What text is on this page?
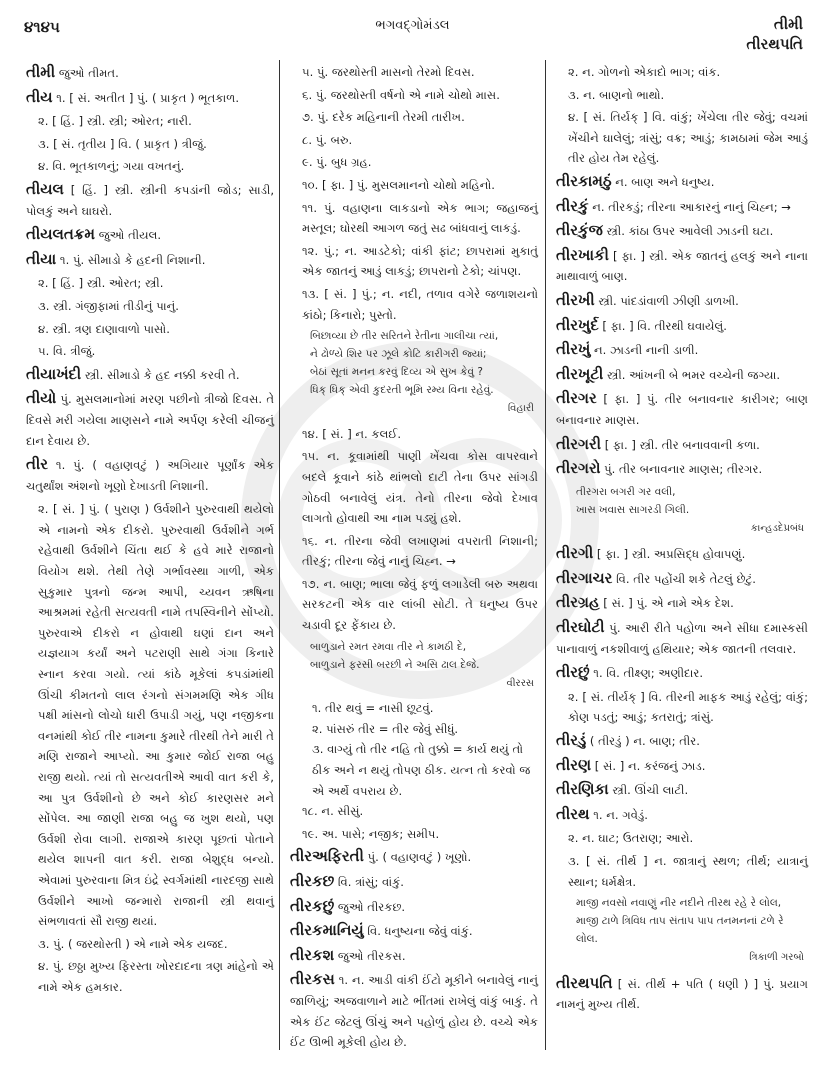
૪૧૪૫	ભગવદ્ગોમંડલ	તીમી
તીરથપતિ
તીમી જુઓ તીમત.
તીય ૧. [ સં. અતીત ] પું. ( પ્રાકૃત ) ભૂતકાળ.
૨. [ હિં. ] સ્ત્રી. સ્ત્રી; ઓરત; નારી.
૩. [ સં. તૃતીય ] વિ. ( પ્રાકૃત ) ત્રીજું.
૪. વિ. ભૂતકાળનું; ગયા વખતનું.
તીયલ [ હિં. ] સ્ત્રી. સ્ત્રીની કપડાંની જોડ; સાડી, પોલકું અને ઘાઘરો.
તીયલતક્રમ જુઓ તીયલ.
તીયા ૧. પું. સીમાડો કે હદની નિશાની.
૨. [ હિં. ] સ્ત્રી. ઓરત; સ્ત્રી.
૩. સ્ત્રી. ગંજીફામાં તીડીનું પાનું.
૪. સ્ત્રી. ત્રણ દાણાવાળો પાસો.
૫. વિ. ત્રીજું.
તીયાખંદી સ્ત્રી. સીમાડો કે હદ નક્કી કરવી તે.
તીયો પું. મુસલમાનોમાં મરણ પછીનો ત્રીજો દિવસ. તે દિવસે મરી ગયેલા માણસને નામે અર્પણ કરેલી ચીજનું દાન દેવાય છે.
તીર ૧. પું. ( વહાણવટું ) અગિયાર પૂર્ણાંક એક ચતુર્થાંશ અંશનો ખૂણો દેખાડતી નિશાની.
૨. [ સં. ] પું. ( પુરાણ ) ઉર્વશીને પુરુરવાથી થયેલો એ નામનો એક દીકરો. પુરુરવાથી ઉર્વશીને ગર્ભ રહેવાથી ઉર્વશીને ચિંતા થઈ કે હવે મારે રાજાનો વિયોગ થશે. તેથી તેણે ગર્ભાવસ્થા ગાળી, એક સુકુમાર પુત્રનો જન્મ આપી, ચ્યવન ઋષિના આશ્રમમાં રહેતી સત્યવતી નામે તપસ્વિનીને સોંપ્યો. પુરુરવાએ દીકરો ન હોવાથી ઘણાં દાન અને યજ્ઞયાગ કર્યાં અને પટરાણી સાથે ગંગા કિનારે સ્નાન કરવા ગયો. ત્યાં કાંઠે મૂકેલાં કપડાંમાંથી ઊંચી કીમતનો લાલ રંગનો સંગમમણિ એક ગીધ પક્ષી માંસનો લોચો ધારી ઉપાડી ગયું, પણ નજીકના વનમાંથી કોઈ તીર નામના કુમારે તીરથી તેને મારી તે મણિ રાજાને આપ્યો. આ કુમાર જોઈ રાજા બહુ રાજી થયો. ત્યાં તો સત્યવતીએ આવી વાત કરી કે, આ પુત્ર ઉર્વશીનો છે અને કોઈ કારણસર મને સોંપેલ. આ જાણી રાજા બહુ જ ખુશ થયો, પણ ઉર્વશી રોવા લાગી. રાજાએ કારણ પૂછતાં પોતાને થયેલ શાપની વાત કરી. રાજા બેશુદ્ધ બન્યો. એવામાં પુરુરવાના મિત્ર ઇંદ્રે સ્વર્ગમાંથી નારદજી સાથે ઉર્વશીને આખો જન્મારો રાજાની સ્ત્રી થવાનું સંભળાવતાં સૌ રાજી થયાં.
૩. પું. ( જરથોસ્તી ) એ નામે એક યજદ.
૪. પું. છઠ્ઠા મુખ્ય ફિરસ્તા ખોરદાદના ત્રણ માંહેનો એ નામે એક હમકાર.
૫. પું. જરથોસ્તી માસનો તેરમો દિવસ.
૬. પું. જરથોસ્તી વર્ષનો એ નામે ચોથો માસ.
૭. પું. દરેક મહિનાની તેરમી તારીખ.
૮. પું. બરુ.
૯. પું. બુધ ગ્રહ.
૧૦. [ ફા. ] પું. મુસલમાનનો ચોથો મહિનો.
૧૧. પું. વહાણના લાકડાનો એક ભાગ; જહાજનું મસ્તૂલ; ઘોરથી આગળ જતું સઢ બાંધવાનું લાકડું.
૧૨. પું.; ન. આડટેકો; વાંકી ફાંટ; છાપરામાં મુકાતું એક જાતનું આડું લાકડું; છાપરાનો ટેકો; ચાંપણ.
૧૩. [ સં. ] પું.; ન. નદી, તળાવ વગેરે જળાશયનો કાંઠો; કિનારો; પુસ્તો.
બિછાવ્યા છે તીર સરિતને રેતીના ગાલીચા ત્યાં,
ને ઢોળ્યે શિર પર ઝૂલે કોટિ કારીગરી જ્યાં;
બેઠાં સૂતાં મનન કરવું દિવ્ય એ સુખ કેવું ?
ધિક્ ધિક્ એવી કુદરતી ભૂમિ રમ્ય વિના રહેવું.
વિહારી
૧૪. [ સં. ] ન. કલઈ.
૧૫. ન. કૂવામાંથી પાણી ખેંચવા કોસ વાપરવાને બદલે કૂવાને કાંઠે થાંભલો દાટી તેના ઉપર સાંગડી ગોઠવી બનાવેલું યંત્ર. તેનો તીરના જેવો દેખાવ લાગતો હોવાથી આ નામ પડ્યું હશે.
૧૬. ન. તીરના જેવી લખાણમાં વપરાતી નિશાની; તીરકું; તીરના જેવું નાનું ચિહ્ન. →
૧૭. ન. બાણ; ભાલા જેવું ફળું લગાડેલી બરુ અથવા સરકટની એક વાર લાંબી સોટી. તે ધનુષ્ય ઉપર ચડાવી દૂર ફેંકાય છે.
બાળુડાને રમત રમવા તીર ને કામઠી દે,
બાળુડાને ફરસી બરછી ને અસિ ઢાલ દેજે.
વીરરસ
૧. તીર થવું = નાસી છૂટવું.
૨. પાંસરું તીર = તીર જેવું સીધું.
૩. વાગ્યું તો તીર નહિ તો તુક્કો = કાર્ય થયું તો ઠીક અને ન થયું તોપણ ઠીક. યત્ન તો કરવો જ એ અર્થે વપરાય છે.
૧૮. ન. સીસું.
૧૯. અ. પાસે; નજીક; સમીપ.
તીરઅફિરતી પું. ( વહાણવટું ) ખૂણો.
તીરકછ વિ. ત્રાંસું; વાંકું.
તીરકછું જુઓ તીરકછ.
તીરકમાનિયું વિ. ધનુષ્યના જેવું વાંકું.
તીરકશ જુઓ તીરકસ.
તીરકસ ૧. ન. આડી વાંકી ઈંટો મૂકીને બનાવેલું નાનું જાળિયું; અજવાળાને માટે ભીંતમાં રાખેલું વાંકું બાકું. તે એક ઈંટ જેટલું ઊંચું અને પહોળું હોય છે. વચ્ચે એક ઈંટ ઊભી મૂકેલી હોય છે.
૨. ન. ગોળનો એકાદો ભાગ; વાંક.
૩. ન. બાણનો ભાથો.
૪. [ સં. તિર્યક્ ] વિ. વાંકું; ખેંચેલા તીર જેવું; વચમાં ખેંચીને ઘાલેલું; ત્રાંસું; વક્ર; આડું; કામઠામાં જેમ આડું તીર હોય તેમ રહેલું.
તીરકામઠું ન. બાણ અને ધનુષ્ય.
તીરકું ન. તીરકડું; તીરના આકારનું નાનું ચિહ્ન; →
તીરકુંજ સ્ત્રી. કાંઠા ઉપર આવેલી ઝાડની ઘટા.
તીરખાકી [ ફા. ] સ્ત્રી. એક જાતનું હલકું અને નાના માથાવાળું બાણ.
તીરખી સ્ત્રી. પાંદડાંવાળી ઝીણી ડાળખી.
તીરખુર્દ [ ફા. ] વિ. તીરથી ઘવાયેલું.
તીરખું ન. ઝાડની નાની ડાળી.
તીરખૂટી સ્ત્રી. આંખની બે ભમર વચ્ચેની જગ્યા.
તીરગર [ ફા. ] પું. તીર બનાવનાર કારીગર; બાણ બનાવનાર માણસ.
તીરગરી [ ફા. ] સ્ત્રી. તીર બનાવવાની કળા.
તીરગરો પું. તીર બનાવનાર માણસ; તીરગર.
તીરગરા બગરી ગર વલી,
ખાસ ખવાસ સાગરડી ગિલી.
કાન્હડદેપ્રબંધ
તીરગી [ ફા. ] સ્ત્રી. અપ્રસિદ્ધ હોવાપણું.
તીરગાચર વિ. તીર પહોંચી શકે તેટલું છેટું.
તીરગ્રહ [ સં. ] પું. એ નામે એક દેશ.
તીરઘોટી પું. આરી રીતે પહોળા અને સીધા દમાસ્કસી પાનાવાળું નકશીવાળું હથિયાર; એક જાતની તલવાર.
તીરછું ૧. વિ. તીક્ષ્ણ; અણીદાર.
૨. [ સં. તીર્યક્ ] વિ. તીરની માફક આડું રહેલું; વાંકું; કોણ પડતું; આડું; કતરાતું; ત્રાંસું.
તીરડું ( તીરડું ) ન. બાણ; તીર.
તીરણ [ સં. ] ન. કરંજનું ઝાડ.
તીરણિકા સ્ત્રી. ઊંચી લાટી.
તીરથ ૧. ન. ગવેડું.
૨. ન. ઘાટ; ઉતરાણ; આરો.
૩. [ સં. તીર્થ ] ન. જાત્રાનું સ્થળ; તીર્થ; યાત્રાનું સ્થાન; ધર્મક્ષેત્ર.
માજી નવસો નવાણું નીર નદીને તીરથ રહે રે લોલ,
માજી ટાળે ત્રિવિધ તાપ સંતાપ પાપ તનમનનાં ટળે રે લોલ.
ત્રિકાળી ગરબો
તીરથપતિ [ સં. તીર્થ + પતિ ( ધણી ) ] પું. પ્રયાગ નામનું મુખ્ય તીર્થ.
